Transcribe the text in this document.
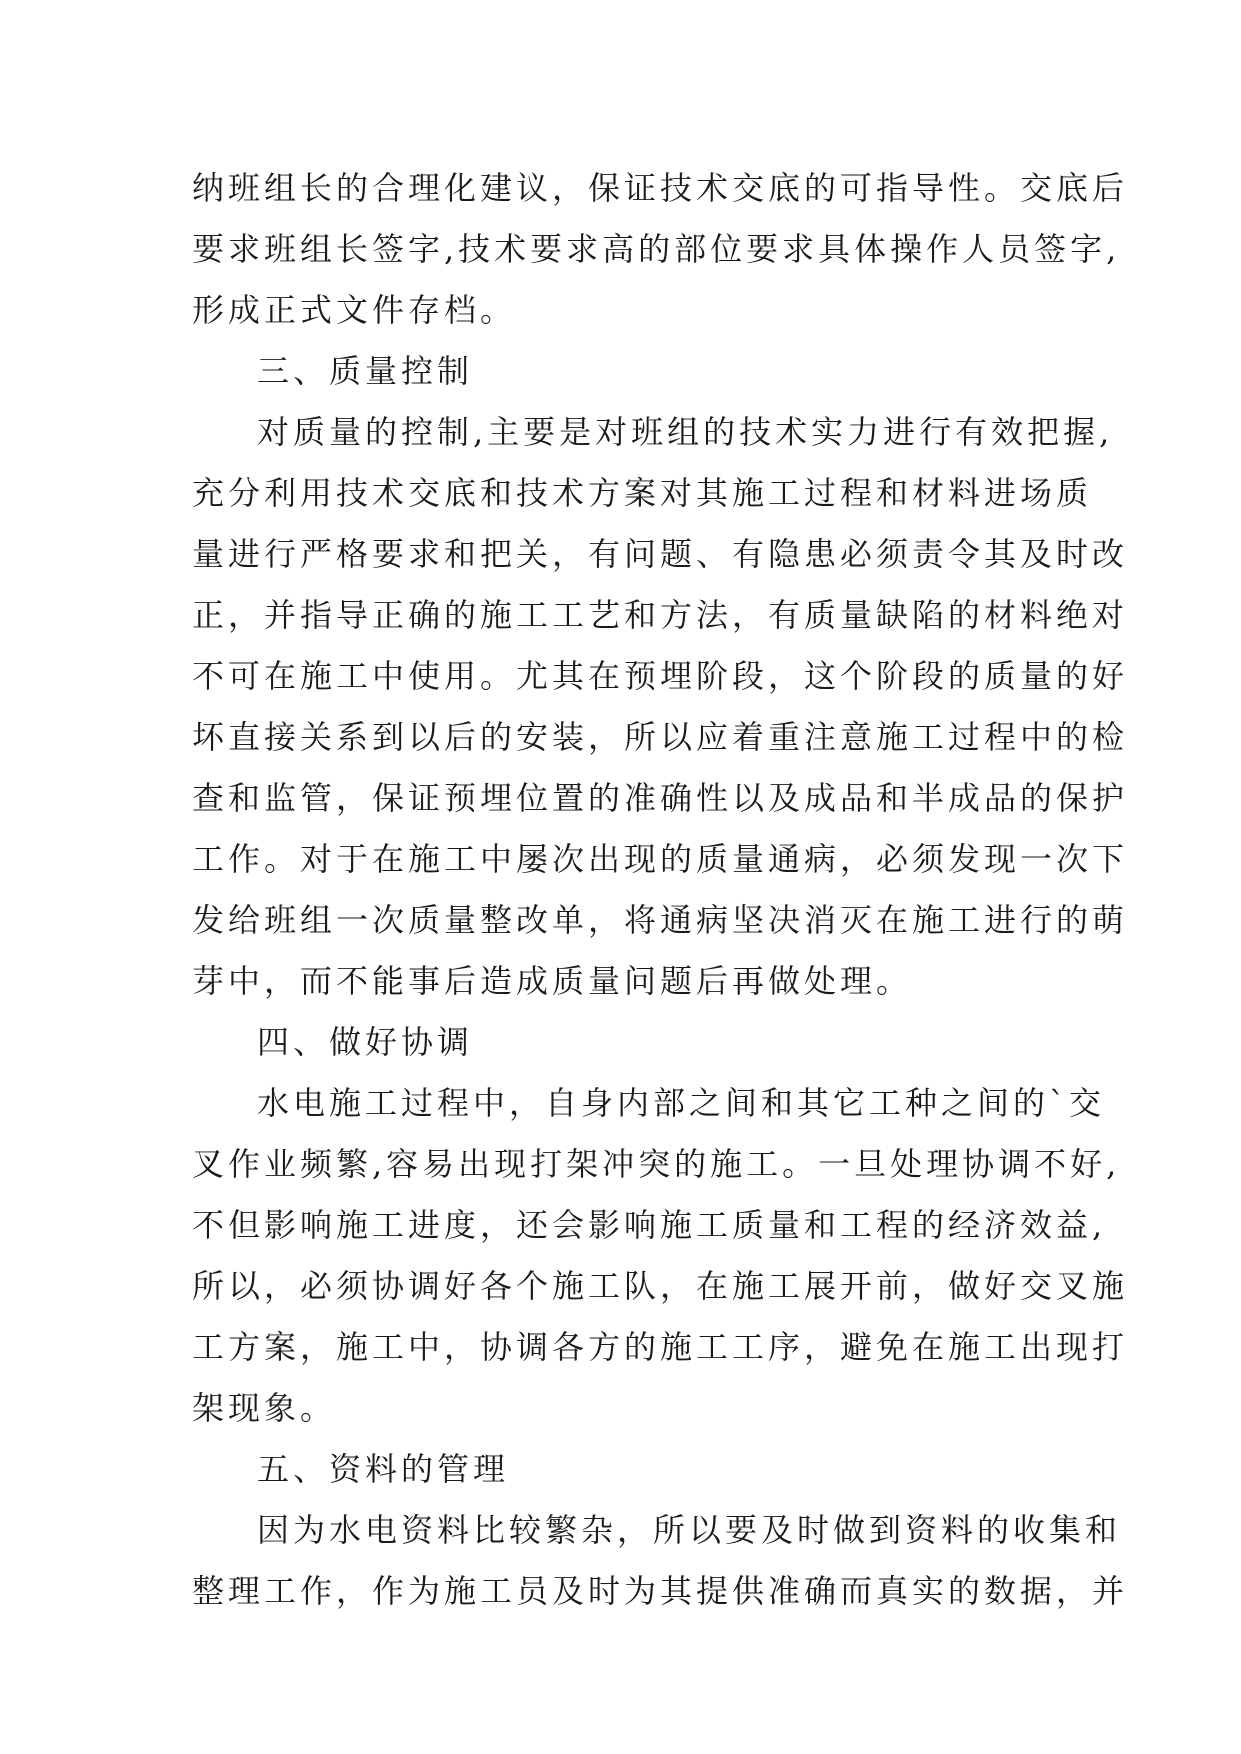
纳班组长的合理化建议，保证技术交底的可指导性。交底后
要求班组长签字,技术要求高的部位要求具体操作人员签字,
形成正式文件存档。
三、质量控制
对质量的控制,主要是对班组的技术实力进行有效把握,
充分利用技术交底和技术方案对其施工过程和材料进场质
量进行严格要求和把关，有问题、有隐患必须责令其及时改
正，并指导正确的施工工艺和方法，有质量缺陷的材料绝对
不可在施工中使用。尤其在预埋阶段，这个阶段的质量的好
坏直接关系到以后的安装，所以应着重注意施工过程中的检
查和监管，保证预埋位置的准确性以及成品和半成品的保护
工作。对于在施工中屡次出现的质量通病，必须发现一次下
发给班组一次质量整改单，将通病坚决消灭在施工进行的萌
芽中，而不能事后造成质量问题后再做处理。
四、做好协调
水电施工过程中，自身内部之间和其它工种之间的`交
叉作业频繁,容易出现打架冲突的施工。一旦处理协调不好,
不但影响施工进度，还会影响施工质量和工程的经济效益,
所以，必须协调好各个施工队，在施工展开前，做好交叉施
工方案，施工中，协调各方的施工工序，避免在施工出现打
架现象。
五、资料的管理
因为水电资料比较繁杂，所以要及时做到资料的收集和
整理工作，作为施工员及时为其提供准确而真实的数据，并
